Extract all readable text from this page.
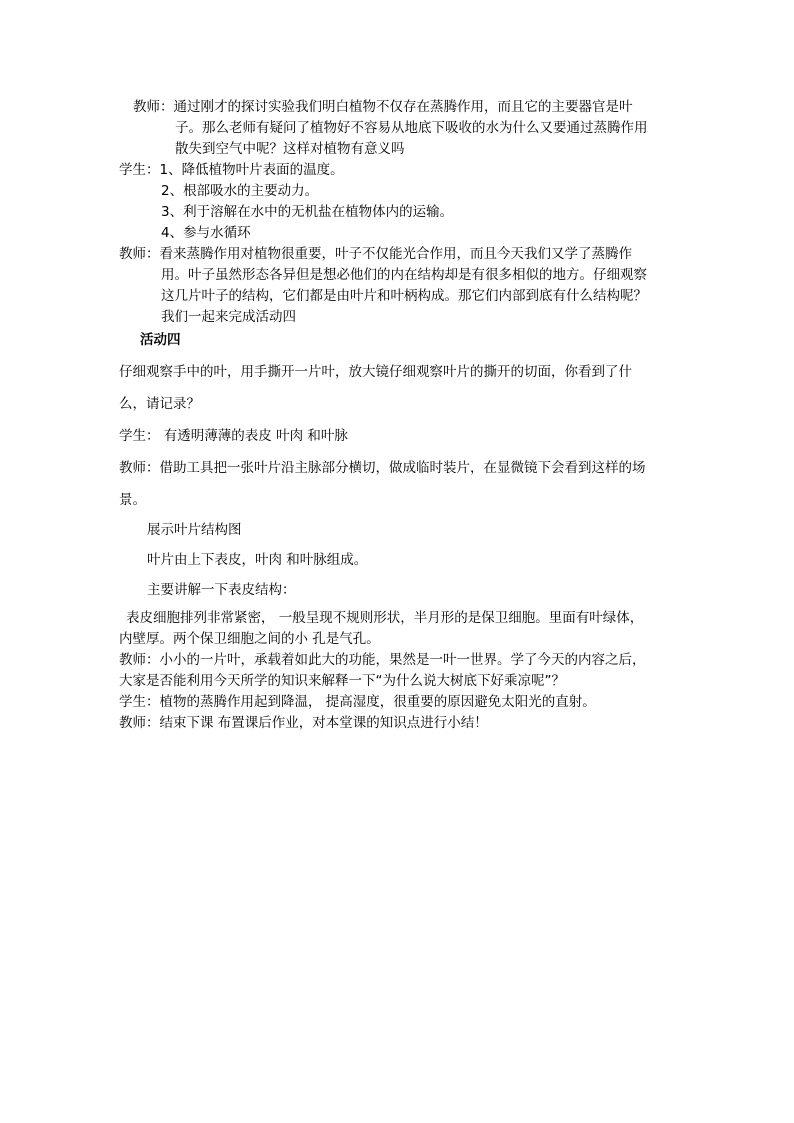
教师：通过刚才的探讨实验我们明白植物不仅存在蒸腾作用，而且它的主要器官是叶
子。那么老师有疑问了植物好不容易从地底下吸收的水为什么又要通过蒸腾作用
散失到空气中呢？这样对植物有意义吗
学生：1、降低植物叶片表面的温度。
2、根部吸水的主要动力。
3、利于溶解在水中的无机盐在植物体内的运输。
4、参与水循环
教师：看来蒸腾作用对植物很重要，叶子不仅能光合作用，而且今天我们又学了蒸腾作
用。叶子虽然形态各异但是想必他们的内在结构却是有很多相似的地方。仔细观察
这几片叶子的结构，它们都是由叶片和叶柄构成。那它们内部到底有什么结构呢？
我们一起来完成活动四
活动四
仔细观察手中的叶，用手撕开一片叶，放大镜仔细观察叶片的撕开的切面，你看到了什
么，请记录？
学生： 有透明薄薄的表皮 叶肉 和叶脉
教师：借助工具把一张叶片沿主脉部分横切，做成临时装片，在显微镜下会看到这样的场
景。
展示叶片结构图
叶片由上下表皮，叶肉 和叶脉组成。
主要讲解一下表皮结构：
表皮细胞排列非常紧密， 一般呈现不规则形状，半月形的是保卫细胞。里面有叶绿体，
内壁厚。两个保卫细胞之间的小 孔是气孔。
教师：小小的一片叶，承载着如此大的功能，果然是一叶一世界。学了今天的内容之后，
大家是否能利用今天所学的知识来解释一下“为什么说大树底下好乘凉呢”？
学生：植物的蒸腾作用起到降温， 提高湿度，很重要的原因避免太阳光的直射。
教师：结束下课 布置课后作业，对本堂课的知识点进行小结！
